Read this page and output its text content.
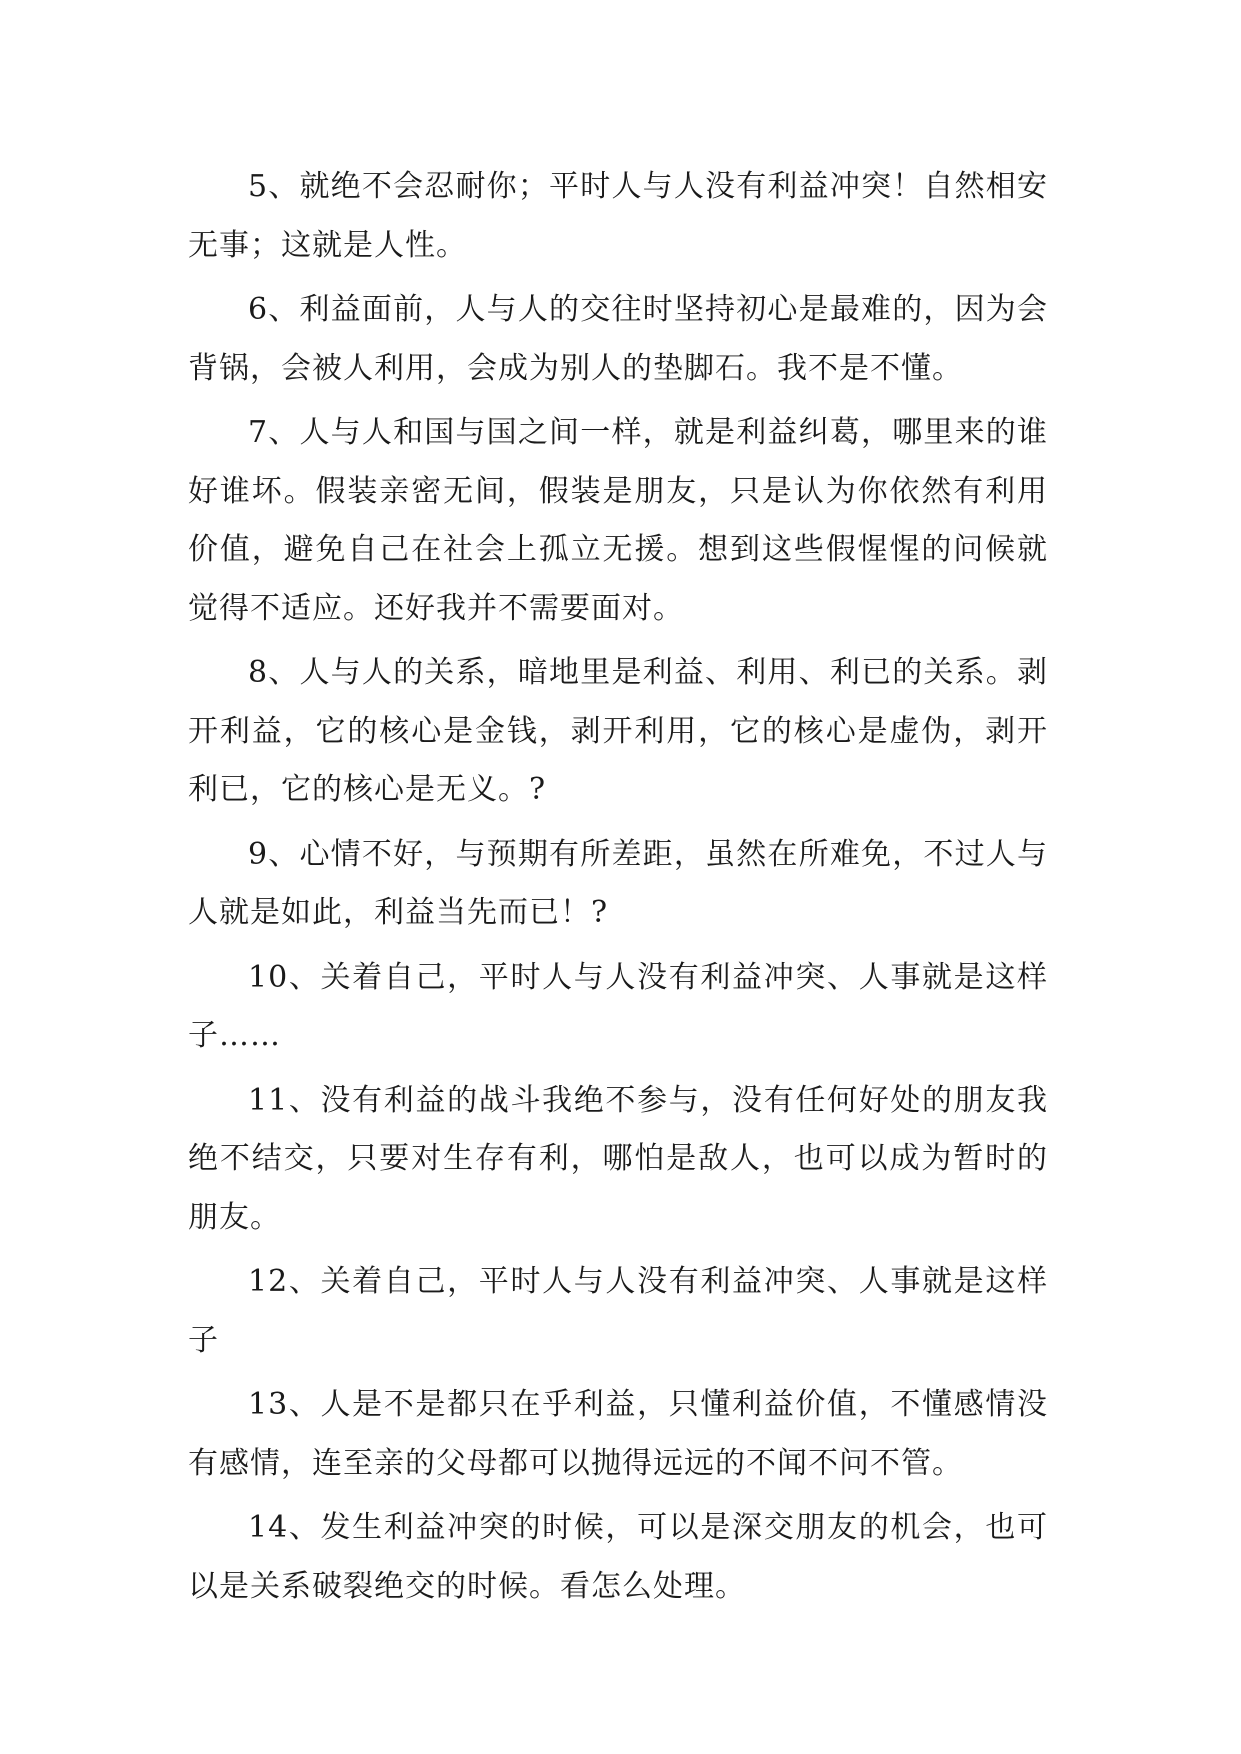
5、就绝不会忍耐你；平时人与人没有利益冲突！自然相安无事；这就是人性。

6、利益面前，人与人的交往时坚持初心是最难的，因为会背锅，会被人利用，会成为别人的垫脚石。我不是不懂。

7、人与人和国与国之间一样，就是利益纠葛，哪里来的谁好谁坏。假装亲密无间，假装是朋友，只是认为你依然有利用价值，避免自己在社会上孤立无援。想到这些假惺惺的问候就觉得不适应。还好我并不需要面对。

8、人与人的关系，暗地里是利益、利用、利已的关系。剥开利益，它的核心是金钱，剥开利用，它的核心是虚伪，剥开利已，它的核心是无义。?

9、心情不好，与预期有所差距，虽然在所难免，不过人与人就是如此，利益当先而已！?

10、关着自己，平时人与人没有利益冲突、人事就是这样子……

11、没有利益的战斗我绝不参与，没有任何好处的朋友我绝不结交，只要对生存有利，哪怕是敌人，也可以成为暂时的朋友。

12、关着自己，平时人与人没有利益冲突、人事就是这样子

13、人是不是都只在乎利益，只懂利益价值，不懂感情没有感情，连至亲的父母都可以抛得远远的不闻不问不管。

14、发生利益冲突的时候，可以是深交朋友的机会，也可以是关系破裂绝交的时候。看怎么处理。
